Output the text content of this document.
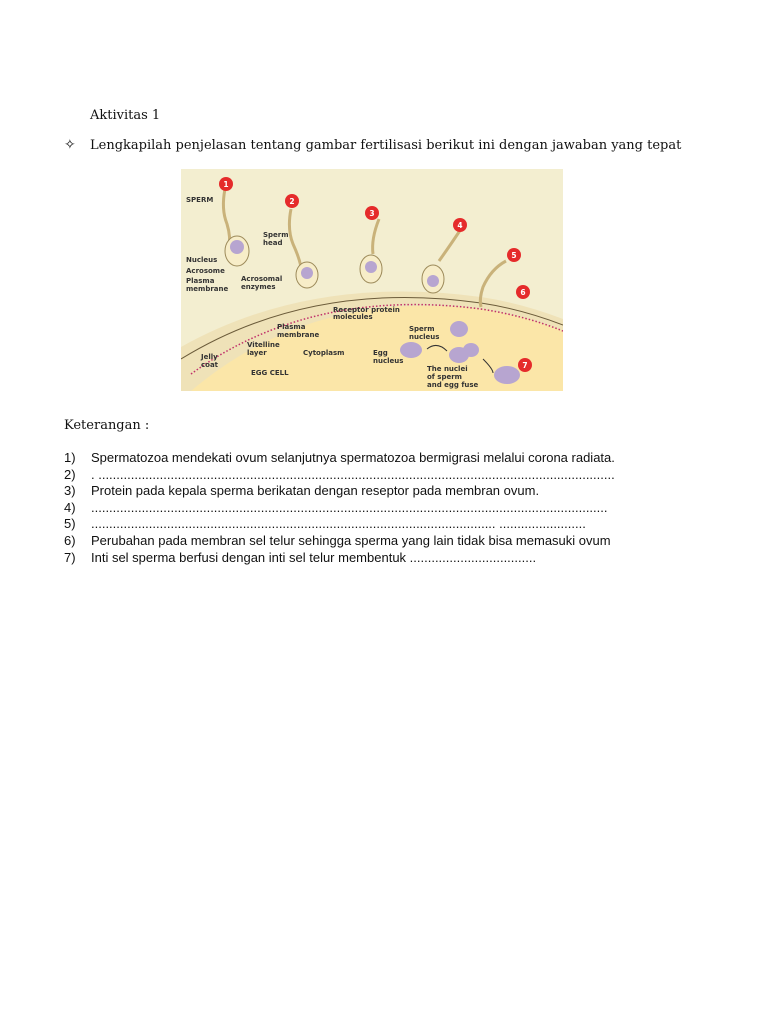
Aktivitas 1
✧	Lengkapilah penjelasan tentang gambar fertilisasi berikut ini dengan jawaban yang tepat
1
2
3
4
5
6
7
SPERM
Sperm
head
Nucleus
Acrosome
Plasma
membrane
Acrosomal
enzymes
Receptor protein
molecules
Plasma
membrane
Sperm
nucleus
Vitelline
layer	Cytoplasm	Egg
nucleus
Jelly
coat
EGG CELL	The nuclei
of sperm
and egg fuse
Keterangan :
1)	Spermatozoa mendekati ovum selanjutnya spermatozoa bermigrasi melalui corona radiata.
2)	. ...............................................................................................................................................
3)	Protein pada kepala sperma berikatan dengan reseptor pada membran ovum.
4)	...............................................................................................................................................
5)	................................................................................................................ ........................
6)	Perubahan pada membran sel telur sehingga sperma yang lain tidak bisa memasuki ovum
7)	Inti sel sperma berfusi dengan inti sel telur membentuk ...................................
